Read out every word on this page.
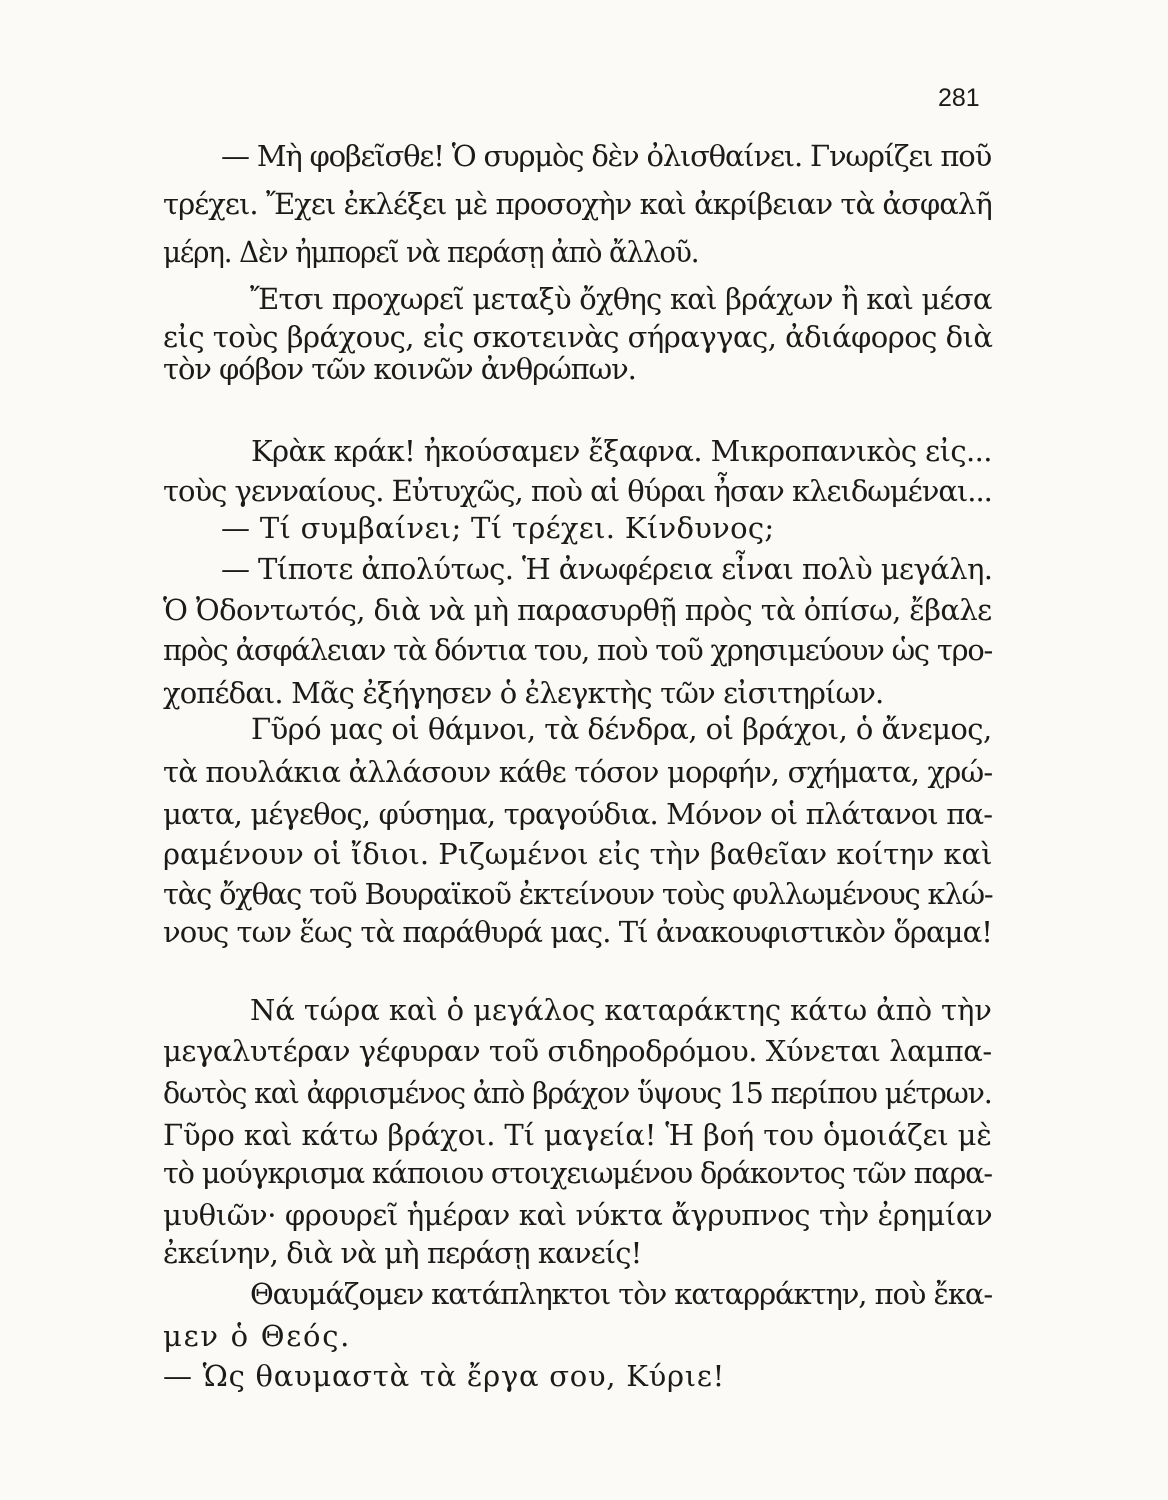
281
— Μὴ φοβεῖσθε! Ὁ συρμὸς δὲν ὀλισθαίνει. Γνωρίζει ποῦ
τρέχει. Ἔχει ἐκλέξει μὲ προσοχὴν καὶ ἀκρίβειαν τὰ ἀσφαλῆ
μέρη. Δὲν ἠμπορεῖ νὰ περάσῃ ἀπὸ ἄλλοῦ.
Ἔτσι προχωρεῖ μεταξὺ ὄχθης καὶ βράχων ἢ καὶ μέσα
εἰς τοὺς βράχους, εἰς σκοτεινὰς σήραγγας, ἀδιάφορος διὰ
τὸν φόβον τῶν κοινῶν ἀνθρώπων.
Κρὰκ κράκ! ἠκούσαμεν ἔξαφνα. Μικροπανικὸς εἰς...
τοὺς γενναίους. Εὐτυχῶς, ποὺ αἱ θύραι ἦσαν κλειδωμέναι...
— Τί συμβαίνει; Τί τρέχει. Κίνδυνος;
— Τίποτε ἀπολύτως. Ἡ ἀνωφέρεια εἶναι πολὺ μεγάλη.
Ὁ Ὀδοντωτός, διὰ νὰ μὴ παρασυρθῇ πρὸς τὰ ὀπίσω, ἔβαλε
πρὸς ἀσφάλειαν τὰ δόντια του, ποὺ τοῦ χρησιμεύουν ὡς τρο-
χοπέδαι. Μᾶς ἐξήγησεν ὁ ἐλεγκτὴς τῶν εἰσιτηρίων.
Γῦρό μας οἱ θάμνοι, τὰ δένδρα, οἱ βράχοι, ὁ ἄνεμος,
τὰ πουλάκια ἀλλάσουν κάθε τόσον μορφήν, σχήματα, χρώ-
ματα, μέγεθος, φύσημα, τραγούδια. Μόνον οἱ πλάτανοι πα-
ραμένουν οἱ ἴδιοι. Ριζωμένοι εἰς τὴν βαθεῖαν κοίτην καὶ
τὰς ὄχθας τοῦ Βουραϊκοῦ ἐκτείνουν τοὺς φυλλωμένους κλώ-
νους των ἕως τὰ παράθυρά μας. Τί ἀνακουφιστικὸν ὅραμα!
Νά τώρα καὶ ὁ μεγάλος καταράκτης κάτω ἀπὸ τὴν
μεγαλυτέραν γέφυραν τοῦ σιδηροδρόμου. Χύνεται λαμπα-
δωτὸς καὶ ἀφρισμένος ἀπὸ βράχον ὕψους 15 περίπου μέτρων.
Γῦρο καὶ κάτω βράχοι. Τί μαγεία! Ἡ βοή του ὁμοιάζει μὲ
τὸ μούγκρισμα κάποιου στοιχειωμένου δράκοντος τῶν παρα-
μυθιῶν· φρουρεῖ ἡμέραν καὶ νύκτα ἄγρυπνος τὴν ἐρημίαν
ἐκείνην, διὰ νὰ μὴ περάσῃ κανείς!
Θαυμάζομεν κατάπληκτοι τὸν καταρράκτην, ποὺ ἔκα-
μεν ὁ Θεός.
— Ὡς θαυμαστὰ τὰ ἔργα σου, Κύριε!
